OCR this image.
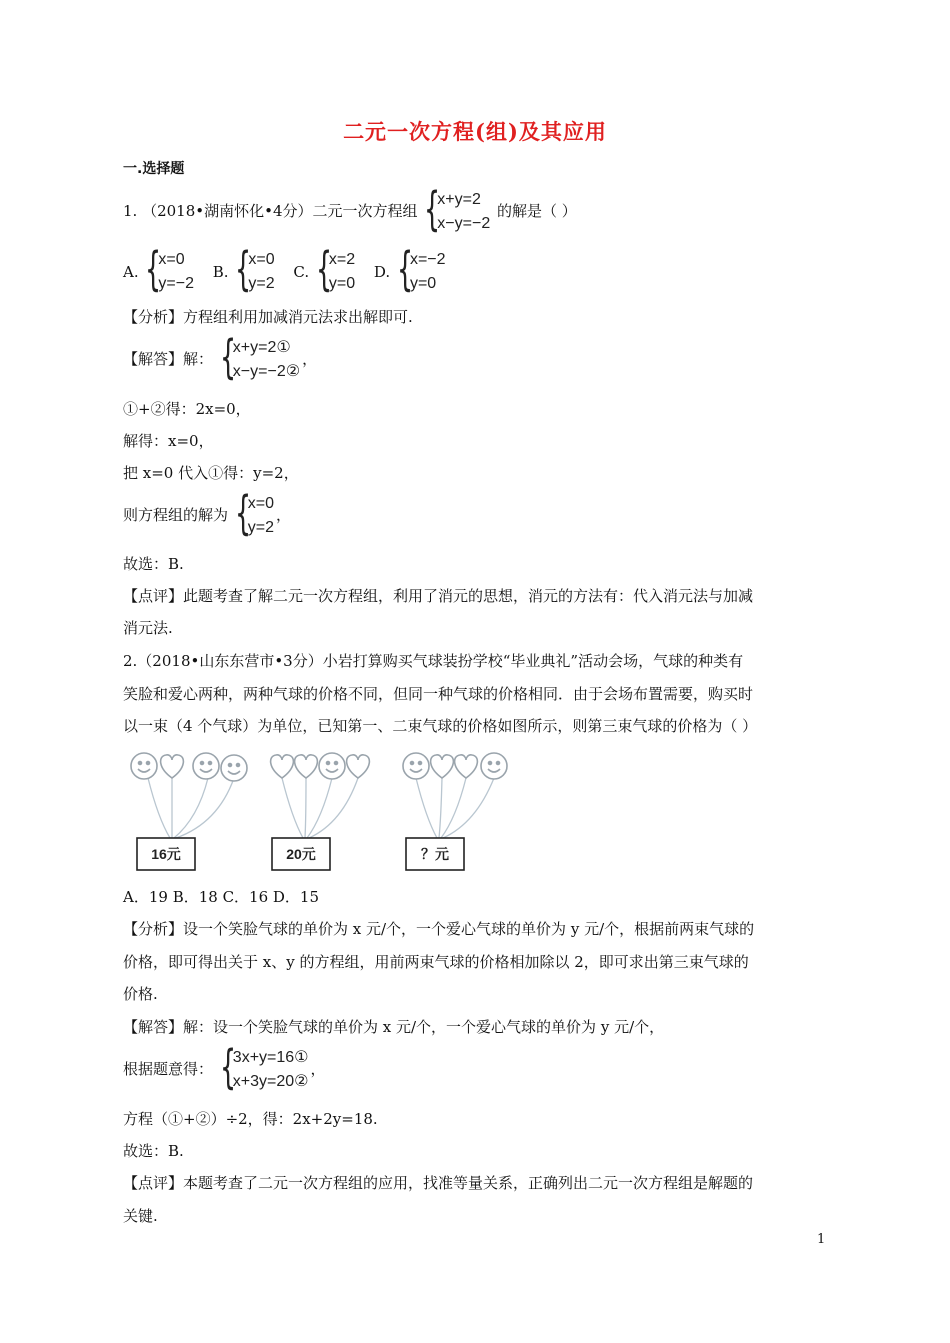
二元一次方程(组)及其应用
一.选择题
1. （2018•湖南怀化•4分）二元一次方程组 {
x+y=2
x−y=−2
的解是（ ）
A. {
x=0
y=−2
B. {
x=0
y=2
C. {
x=2
y=0
D. {
x=−2
y=0
【分析】方程组利用加减消元法求出解即可.
【解答】解： {
x+y=2①
x−y=−2②
，
①+②得：2x=0，
解得：x=0，
把 x=0 代入①得：y=2，
则方程组的解为 {
x=0
y=2
，
故选：B.
【点评】此题考查了解二元一次方程组，利用了消元的思想，消元的方法有：代入消元法与加减
消元法.
2.（2018•山东东营市•3分）小岩打算购买气球装扮学校“毕业典礼”活动会场，气球的种类有
笑脸和爱心两种，两种气球的价格不同，但同一种气球的价格相同．由于会场布置需要，购买时
以一束（4 个气球）为单位，已知第一、二束气球的价格如图所示，则第三束气球的价格为（ ）
16元	20元	？元
A．19 B．18 C．16 D．15
【分析】设一个笑脸气球的单价为 x 元/个，一个爱心气球的单价为 y 元/个，根据前两束气球的
价格，即可得出关于 x、y 的方程组，用前两束气球的价格相加除以 2，即可求出第三束气球的
价格.
【解答】解：设一个笑脸气球的单价为 x 元/个，一个爱心气球的单价为 y 元/个，
根据题意得： {
3x+y=16①
x+3y=20②
，
方程（①+②）÷2，得：2x+2y=18.
故选：B.
【点评】本题考查了二元一次方程组的应用，找准等量关系，正确列出二元一次方程组是解题的
关键.
1
